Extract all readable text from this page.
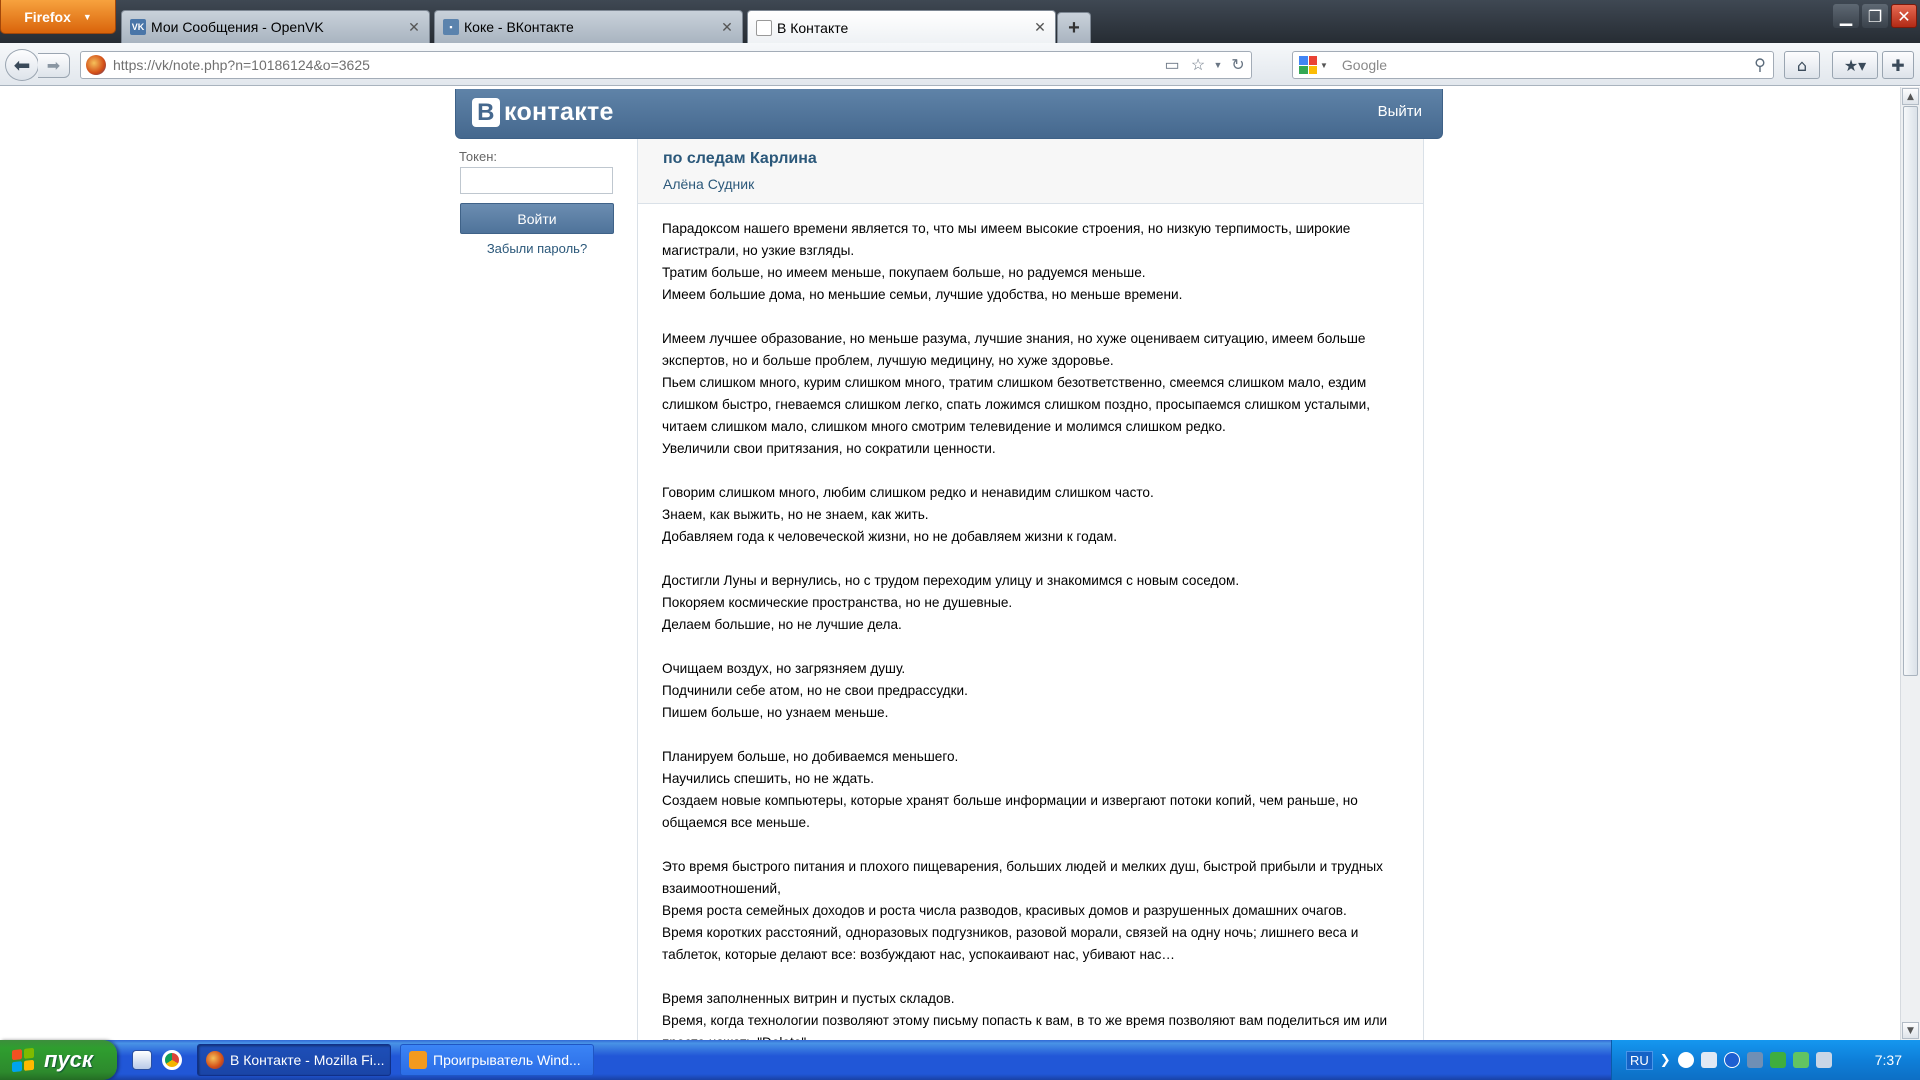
Firefox ▼
VK Мои Сообщения - OpenVK	✕	▪ Коке - ВКонтакте	✕	В Контакте	✕ +
▁ ❐ ✕
⬅ ➡	https://vk/note.php?n=10186124&o=3625	▭ ☆ ▼ ↻	▼	Google	⚲	⌂ ★▾ ✚
В контакте	Выйти
Токен:
Войти
Забыли пароль?
по следам Карлина
Алёна Судник

Парадоксом нашего времени является то, что мы имеем высокие строения, но низкую терпимость, широкие магистрали, но узкие взгляды.
Тратим больше, но имеем меньше, покупаем больше, но радуемся меньше.
Имеем большие дома, но меньшие семьи, лучшие удобства, но меньше времени.

Имеем лучшее образование, но меньше разума, лучшие знания, но хуже оцениваем ситуацию, имеем больше экспертов, но и больше проблем, лучшую медицину, но хуже здоровье.
Пьем слишком много, курим слишком много, тратим слишком безответственно, смеемся слишком мало, ездим слишком быстро, гневаемся слишком легко, спать ложимся слишком поздно, просыпаемся слишком усталыми, читаем слишком мало, слишком много смотрим телевидение и молимся слишком редко.
Увеличили свои притязания, но сократили ценности.

Говорим слишком много, любим слишком редко и ненавидим слишком часто.
Знаем, как выжить, но не знаем, как жить.
Добавляем года к человеческой жизни, но не добавляем жизни к годам.

Достигли Луны и вернулись, но с трудом переходим улицу и знакомимся с новым соседом.
Покоряем космические пространства, но не душевные.
Делаем большие, но не лучшие дела.

Очищаем воздух, но загрязняем душу.
Подчинили себе атом, но не свои предрассудки.
Пишем больше, но узнаем меньше.

Планируем больше, но добиваемся меньшего.
Научились спешить, но не ждать.
Создаем новые компьютеры, которые хранят больше информации и извергают потоки копий, чем раньше, но общаемся все меньше.

Это время быстрого питания и плохого пищеварения, больших людей и мелких душ, быстрой прибыли и трудных взаимоотношений,
Время роста семейных доходов и роста числа разводов, красивых домов и разрушенных домашних очагов.
Время коротких расстояний, одноразовых подгузников, разовой морали, связей на одну ночь; лишнего веса и таблеток, которые делают все: возбуждают нас, успокаивают нас, убивают нас…

Время заполненных витрин и пустых складов.
Время, когда технологии позволяют этому письму попасть к вам, в то же время позволяют вам поделиться им или

▲
▼
пуск	В Контакте - Mozilla Fi...	Проигрыватель Wind...	RU ❯	7:37
